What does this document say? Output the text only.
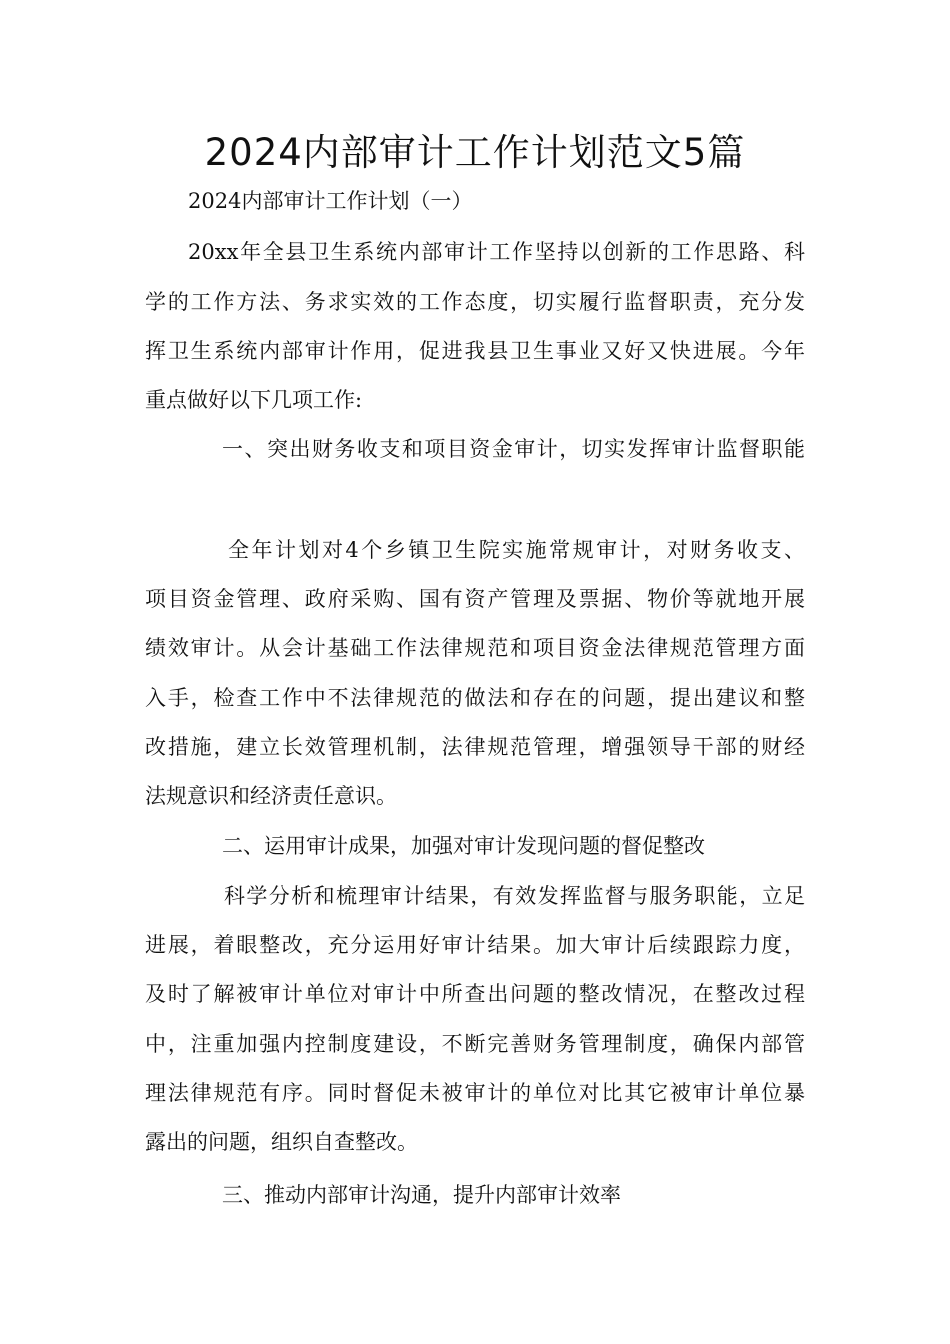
2024内部审计工作计划范文5篇
2024内部审计工作计划（一）
20xx年全县卫生系统内部审计工作坚持以创新的工作思路、科
学的工作方法、务求实效的工作态度，切实履行监督职责，充分发
挥卫生系统内部审计作用，促进我县卫生事业又好又快进展。今年
重点做好以下几项工作:
一、突出财务收支和项目资金审计，切实发挥审计监督职能
全年计划对4个乡镇卫生院实施常规审计，对财务收支、
项目资金管理、政府采购、国有资产管理及票据、物价等就地开展
绩效审计。从会计基础工作法律规范和项目资金法律规范管理方面
入手，检查工作中不法律规范的做法和存在的问题，提出建议和整
改措施，建立长效管理机制，法律规范管理，增强领导干部的财经
法规意识和经济责任意识。
二、运用审计成果，加强对审计发现问题的督促整改
科学分析和梳理审计结果，有效发挥监督与服务职能，立足
进展，着眼整改，充分运用好审计结果。加大审计后续跟踪力度，
及时了解被审计单位对审计中所查出问题的整改情况，在整改过程
中，注重加强内控制度建设，不断完善财务管理制度，确保内部管
理法律规范有序。同时督促未被审计的单位对比其它被审计单位暴
露出的问题，组织自查整改。
三、推动内部审计沟通，提升内部审计效率
